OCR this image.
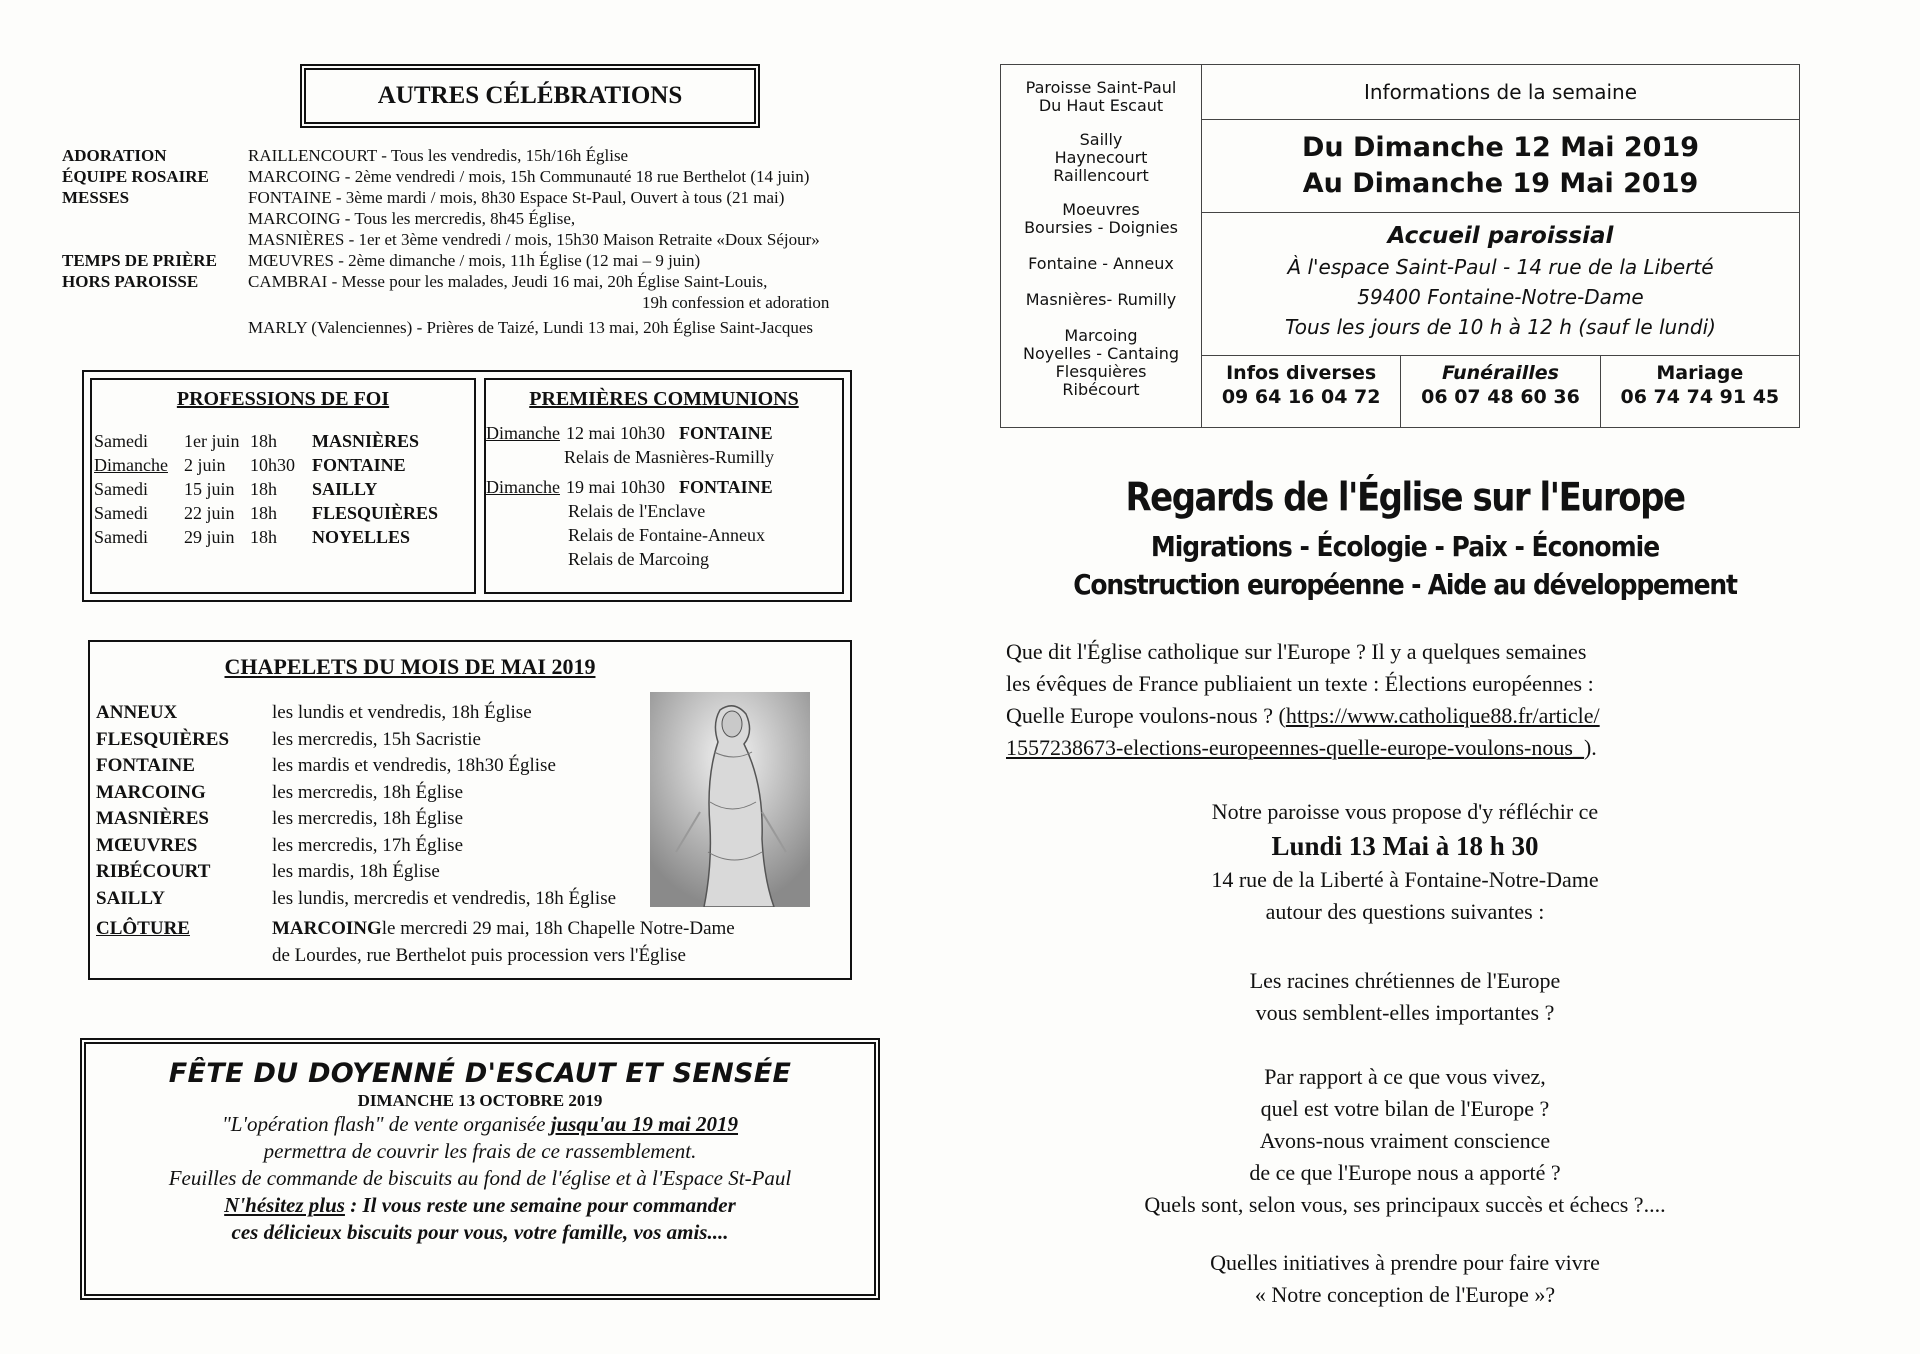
AUTRES CÉLÉBRATIONS
ADORATION	RAILLENCOURT - Tous les vendredis, 15h/16h Église
ÉQUIPE ROSAIRE	MARCOING - 2ème vendredi / mois, 15h Communauté 18 rue Berthelot (14 juin)
MESSES	FONTAINE - 3ème mardi / mois, 8h30 Espace St-Paul, Ouvert à tous (21 mai)
MARCOING - Tous les mercredis, 8h45 Église,
MASNIÈRES - 1er et 3ème vendredi / mois, 15h30 Maison Retraite «Doux Séjour»
TEMPS DE PRIÈRE	MŒUVRES - 2ème dimanche / mois, 11h Église (12 mai – 9 juin)
HORS PAROISSE	CAMBRAI - Messe pour les malades, Jeudi 16 mai, 20h Église Saint-Louis,
19h confession et adoration
MARLY (Valenciennes) - Prières de Taizé, Lundi 13 mai, 20h Église Saint-Jacques
PROFESSIONS DE FOI
Samedi	1er juin 18h	MASNIÈRES
Dimanche 2 juin	10h30 FONTAINE
Samedi	15 juin 18h	SAILLY
Samedi	22 juin 18h	FLESQUIÈRES
Samedi	29 juin 18h	NOYELLES
PREMIÈRES COMMUNIONS
Dimanche 12 mai 10h30 FONTAINE
Relais de Masnières-Rumilly
Dimanche 19 mai 10h30 FONTAINE
Relais de l'Enclave
Relais de Fontaine-Anneux
Relais de Marcoing
CHAPELETS DU MOIS DE MAI 2019
ANNEUX	les lundis et vendredis, 18h Église
FLESQUIÈRES	les mercredis, 15h Sacristie
FONTAINE	les mardis et vendredis, 18h30 Église
MARCOING	les mercredis, 18h Église
MASNIÈRES	les mercredis, 18h Église
MŒUVRES	les mercredis, 17h Église
RIBÉCOURT	les mardis, 18h Église
SAILLY	les lundis, mercredis et vendredis, 18h Église
CLÔTURE	MARCOING le mercredi 29 mai, 18h Chapelle Notre-Dame
de Lourdes, rue Berthelot puis procession vers l'Église
FÊTE DU DOYENNÉ D'ESCAUT ET SENSÉE
DIMANCHE 13 OCTOBRE 2019
"L'opération flash" de vente organisée jusqu'au 19 mai 2019
permettra de couvrir les frais de ce rassemblement.
Feuilles de commande de biscuits au fond de l'église et à l'Espace St-Paul
N'hésitez plus : Il vous reste une semaine pour commander
ces délicieux biscuits pour vous, votre famille, vos amis....
Paroisse Saint-Paul
Du Haut Escaut
Sailly
Haynecourt
Raillencourt
Moeuvres
Boursies - Doignies
Fontaine - Anneux
Masnières- Rumilly
Marcoing
Noyelles - Cantaing
Flesquières
Ribécourt
Informations de la semaine
Du Dimanche 12 Mai 2019
Au Dimanche 19 Mai 2019
Accueil paroissial
À l'espace Saint-Paul - 14 rue de la Liberté
59400 Fontaine-Notre-Dame
Tous les jours de 10 h à 12 h (sauf le lundi)
Infos diverses
09 64 16 04 72
Funérailles
06 07 48 60 36
Mariage
06 74 74 91 45
Regards de l'Église sur l'Europe
Migrations - Écologie - Paix - Économie
Construction européenne - Aide au développement
Que dit l'Église catholique sur l'Europe ? Il y a quelques semaines
les évêques de France publiaient un texte : Élections européennes :
Quelle Europe voulons-nous ? (https://www.catholique88.fr/article/
1557238673-elections-europeennes-quelle-europe-voulons-nous_).
Notre paroisse vous propose d'y réfléchir ce
Lundi 13 Mai à 18 h 30
14 rue de la Liberté à Fontaine-Notre-Dame
autour des questions suivantes :
Les racines chrétiennes de l'Europe
vous semblent-elles importantes ?
Par rapport à ce que vous vivez,
quel est votre bilan de l'Europe ?
Avons-nous vraiment conscience
de ce que l'Europe nous a apporté ?
Quels sont, selon vous, ses principaux succès et échecs ?....
Quelles initiatives à prendre pour faire vivre
« Notre conception de l'Europe »?
